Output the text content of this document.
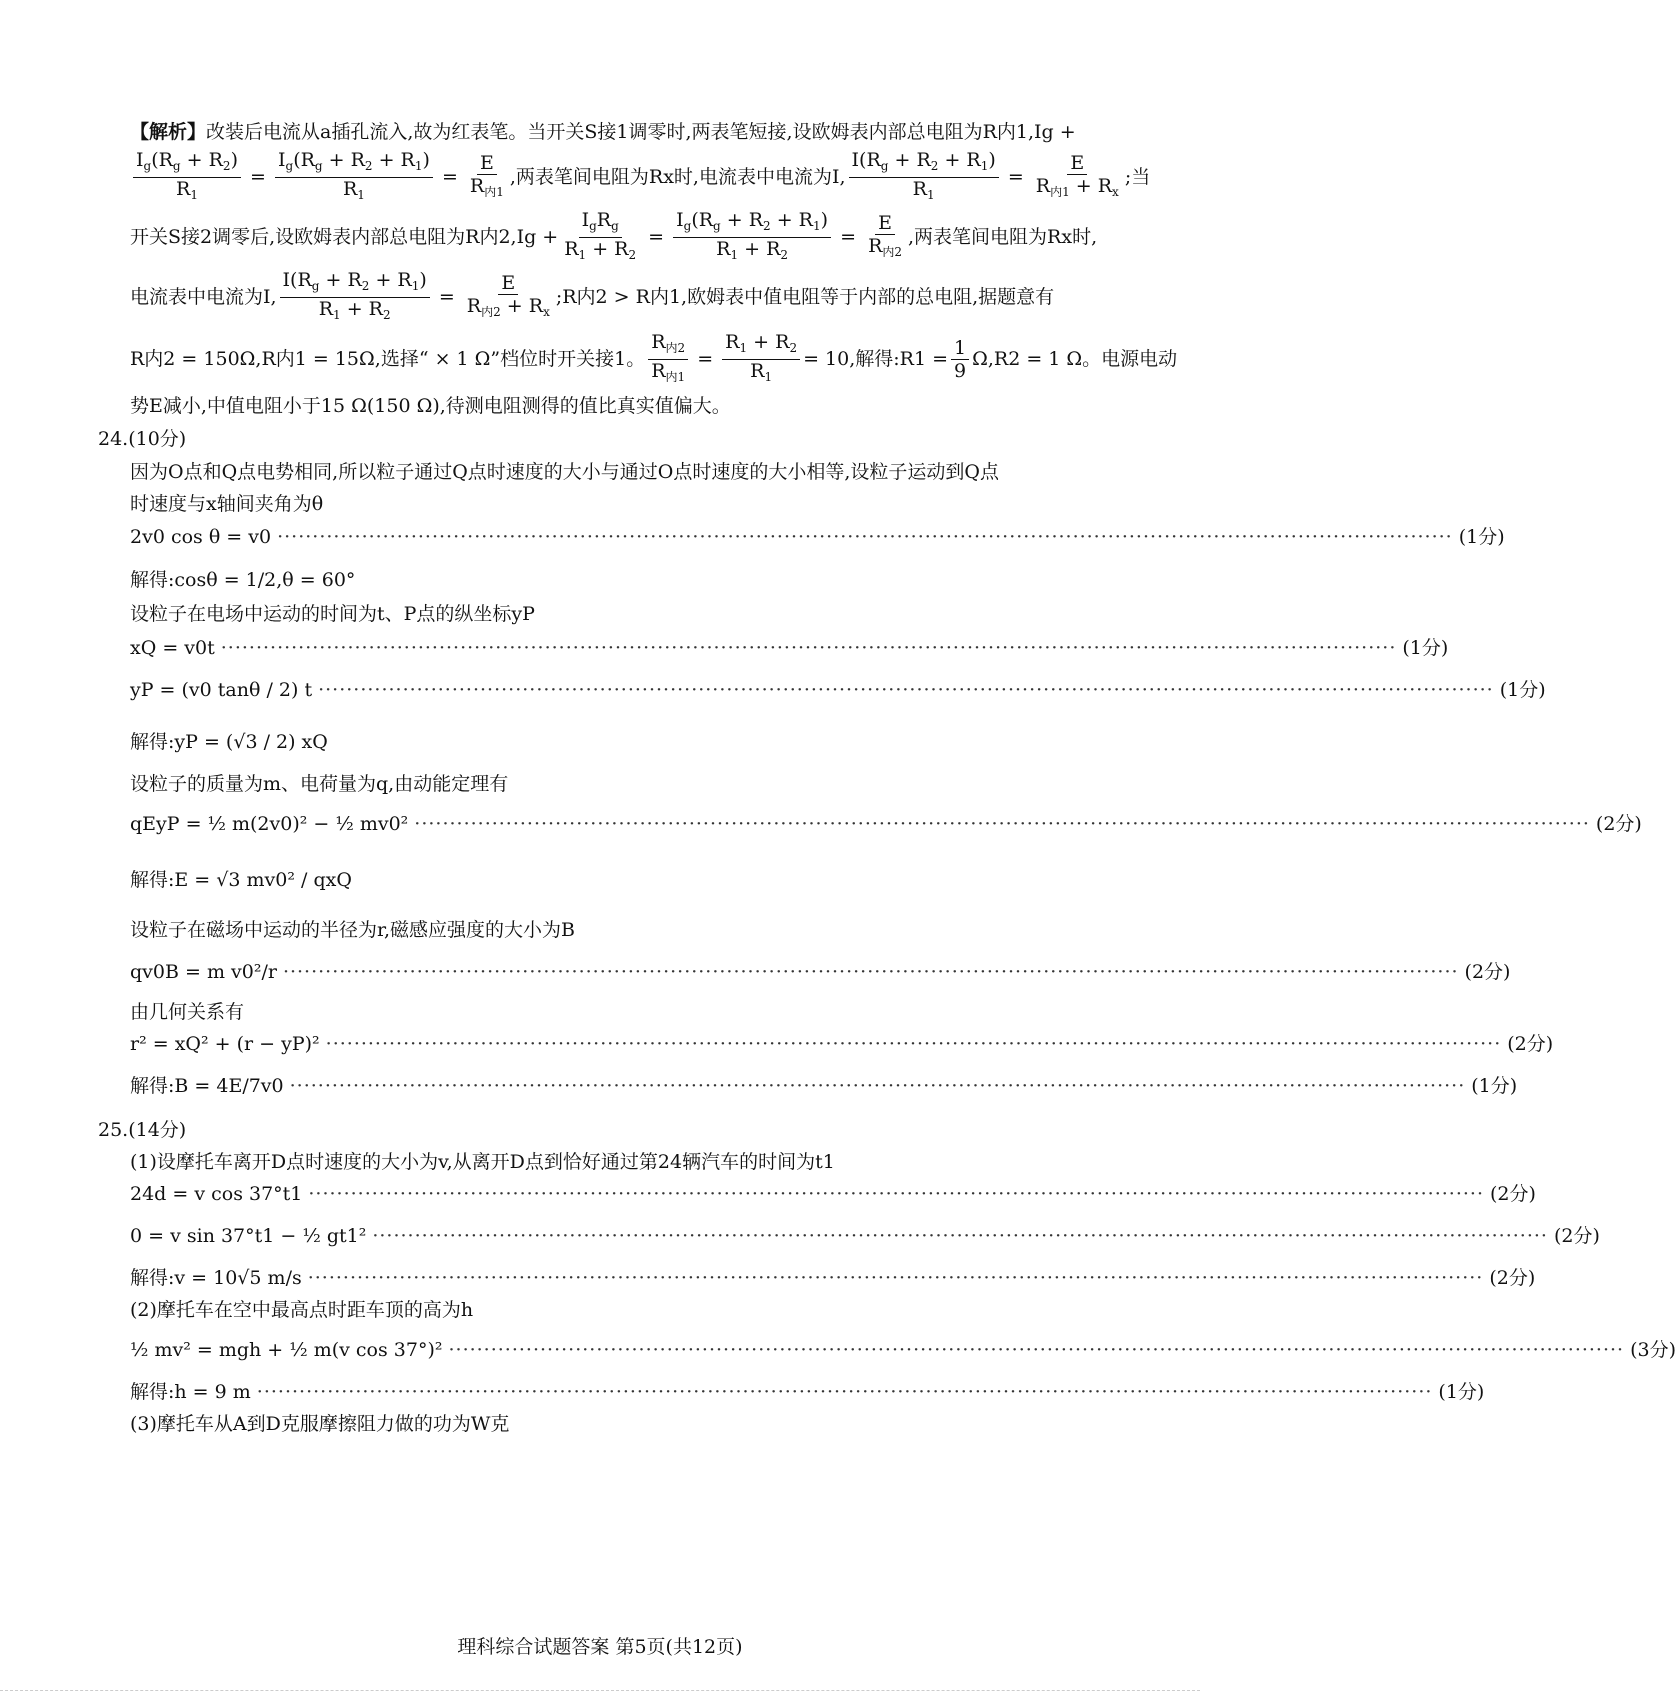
【解析】改装后电流从a插孔流入,故为红表笔。当开关S接1调零时,两表笔短接,设欧姆表内部总电阻为R内1,Ig +
$\frac{I_g(R_g + R_2)}{R_1} = \frac{I_g(R_g + R_2 + R_1)}{R_1} = \frac{E}{R_{内1}}$ ,两表笔间电阻为Rx时,电流表中电流为I, $\frac{I(R_g + R_2 + R_1)}{R_1} = \frac{E}{R_{内1} + R_x}$ ;当
开关S接2调零后,设欧姆表内部总电阻为R内$2,Ig + \frac{I_gR_g}{R_1 + R_2} = \frac{I_g(R_g + R_2 + R_1)}{R_1 + R_2} = \frac{E}{R_{内2}}$ ,两表笔间电阻为Rx时,
电流表中电流为I, $\frac{I(R_g + R_2 + R_1)}{R_1 + R_2} = \frac{E}{R_{内2} + R_x}$ ;R内2 > R内1,欧姆表中值电阻等于内部的总电阻,据题意有
R内2 = 150Ω,R内1 = 15Ω,选择“ × 1 Ω”档位时开关接1。 $\frac{R_{内2}}{R_{内1}} = \frac{R_1 + R_2}{R_1} = 10$,解得:R1 = $\frac{1}{9} \Omega,R2 = 1$ Ω。电源电动
势E减小,中值电阻小于15 Ω(150 Ω),待测电阻测得的值比真实值偏大。
24.(10分)
因为O点和Q点电势相同,所以粒子通过Q点时速度的大小与通过O点时速度的大小相等,设粒子运动到Q点
时速度与x轴间夹角为θ
2v0 cos θ = v0 ······································································································································································· (1分)
解得:cosθ = 1/2,θ = 60°
设粒子在电场中运动的时间为t、P点的纵坐标yP
xQ = v0t ······································································································································································· (1分)
yP = (v0 tanθ / 2) t ······································································································································································· (1分)
解得:yP = (√3 / 2) xQ
设粒子的质量为m、电荷量为q,由动能定理有
qEyP = ½ m(2v0)² − ½ mv0² ······································································································································································· (2分)
解得:E = √3 mv0² / qxQ
设粒子在磁场中运动的半径为r,磁感应强度的大小为B
qv0B = m v0²/r ······································································································································································· (2分)
由几何关系有
r² = xQ² + (r − yP)² ······································································································································································· (2分)
解得:B = 4E/7v0 ······································································································································································· (1分)
25.(14分)
(1)设摩托车离开D点时速度的大小为v,从离开D点到恰好通过第24辆汽车的时间为t1
24d = v cos 37°t1 ······································································································································································· (2分)
0 = v sin 37°t1 − ½ gt1² ······································································································································································· (2分)
解得:v = 10√5 m/s ······································································································································································· (2分)
(2)摩托车在空中最高点时距车顶的高为h
½ mv² = mgh + ½ m(v cos 37°)² ······································································································································································· (3分)
解得:h = 9 m ······································································································································································· (1分)
(3)摩托车从A到D克服摩擦阻力做的功为W克
理科综合试题答案 第5页(共12页)
